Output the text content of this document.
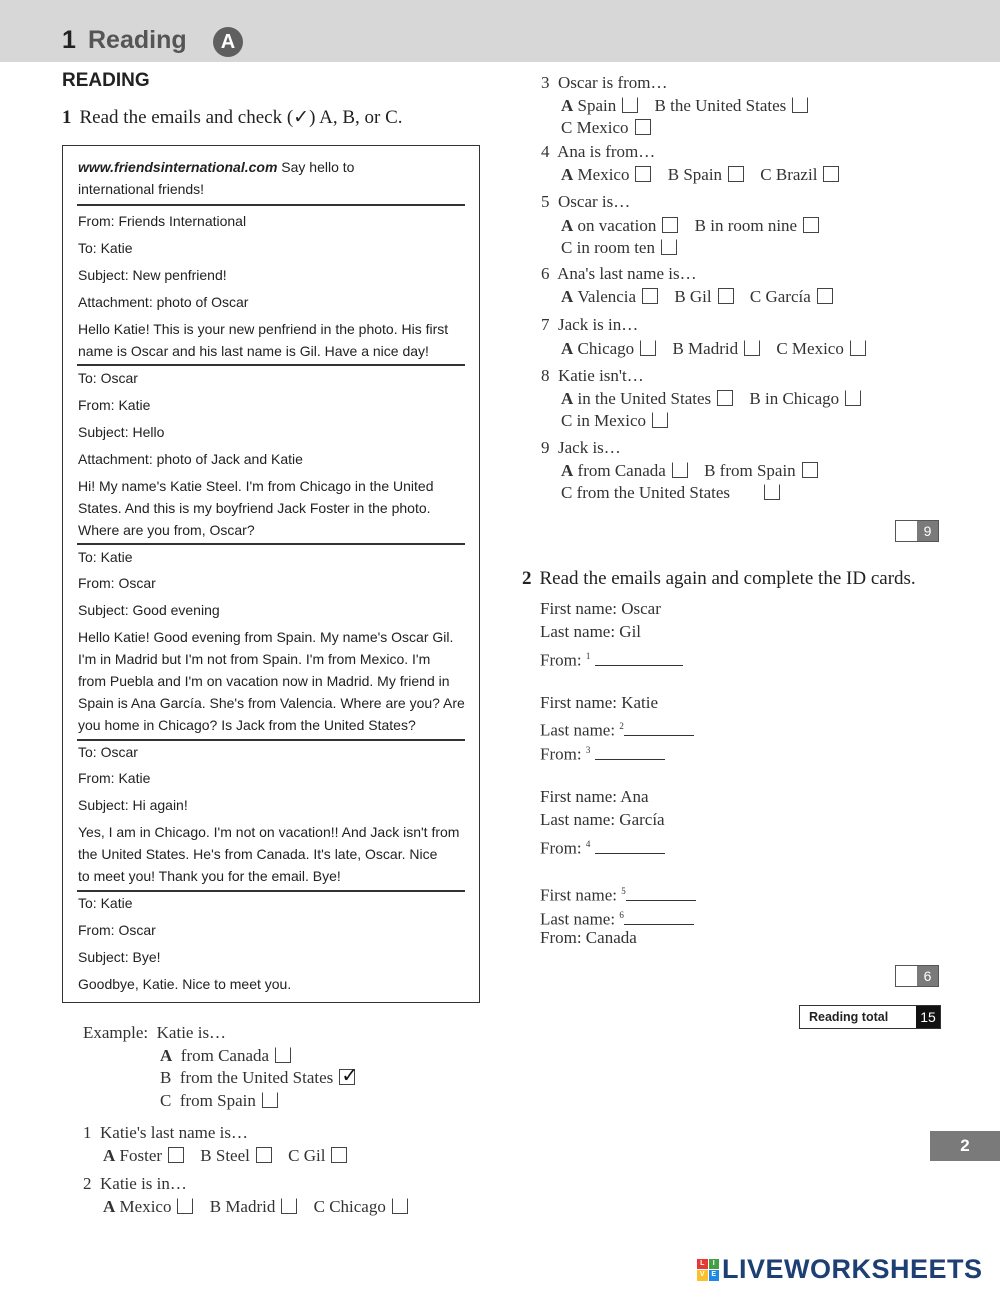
1 Reading	A
READING
1 Read the emails and check (✓) A, B, or C.
www.friendsinternational.com Say hello to
international friends!
From: Friends International
To: Katie
Subject: New penfriend!
Attachment: photo of Oscar
Hello Katie! This is your new penfriend in the photo. His first
name is Oscar and his last name is Gil. Have a nice day!
To: Oscar
From: Katie
Subject: Hello
Attachment: photo of Jack and Katie
Hi! My name's Katie Steel. I'm from Chicago in the United
States. And this is my boyfriend Jack Foster in the photo.
Where are you from, Oscar?
To: Katie
From: Oscar
Subject: Good evening
Hello Katie! Good evening from Spain. My name's Oscar Gil.
I'm in Madrid but I'm not from Spain. I'm from Mexico. I'm
from Puebla and I'm on vacation now in Madrid. My friend in
Spain is Ana García. She's from Valencia. Where are you? Are
you home in Chicago? Is Jack from the United States?
To: Oscar
From: Katie
Subject: Hi again!
Yes, I am in Chicago. I'm not on vacation!! And Jack isn't from
the United States. He's from Canada. It's late, Oscar. Nice
to meet you! Thank you for the email. Bye!
To: Katie
From: Oscar
Subject: Bye!
Goodbye, Katie. Nice to meet you.
Example: Katie is…
A from Canada
B from the United States ✓
C from Spain
1 Katie's last name is…
A Foster B Steel C Gil
2 Katie is in…
A Mexico B Madrid C Chicago
3 Oscar is from…
A Spain B the United States
C Mexico
4 Ana is from…
A Mexico B Spain C Brazil
5 Oscar is…
A on vacation B in room nine
C in room ten
6 Ana's last name is…
A Valencia B Gil C García
7 Jack is in…
A Chicago B Madrid C Mexico
8 Katie isn't…
A in the United States B in Chicago
C in Mexico
9 Jack is…
A from Canada B from Spain
C from the United States
9
2 Read the emails again and complete the ID cards.
First name: Oscar
Last name: Gil
From: $^1$
First name: Katie
Last name: $^2$
From: $^3$
First name: Ana
Last name: García
From: $^4$
First name: $^5$
Last name: $^6$
From: Canada
6
Reading total	15
2
L	I
V E LIVEWORKSHEETS
